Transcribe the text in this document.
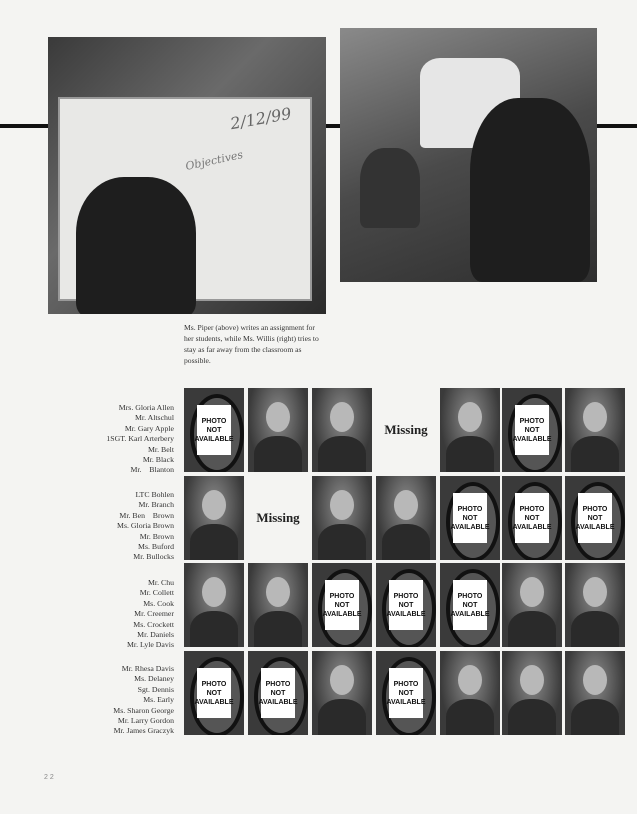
2/12/99
Objectives
Ms. Piper (above) writes an assignment for her students, while Ms. Willis (right) tries to stay as far away from the classroom as possible.
Mrs. Gloria Allen
Mr. Altschul
Mr. Gary Apple
1SGT. Karl Arterbery
Mr. Belt
Mr. Black
Mr.    Blanton
LTC Bohlen
Mr. Branch
Mr. Ben    Brown
Ms. Gloria Brown
Mr. Brown
Ms. Buford
Mr. Bullocks
Mr. Chu
Mr. Collett
Ms. Cook
Mr. Creemer
Ms. Crockett
Mr. Daniels
Mr. Lyle Davis
Mr. Rhesa Davis
Ms. Delaney
Sgt. Dennis
Ms. Early
Ms. Sharon George
Mr. Larry Gordon
Mr. James Graczyk
PHOTO
NOT
AVAILABLE
Missing
PHOTO
NOT
AVAILABLE
Missing
PHOTO
NOT
AVAILABLE
PHOTO
NOT
AVAILABLE
PHOTO
NOT
AVAILABLE
PHOTO
NOT
AVAILABLE
PHOTO
NOT
AVAILABLE
PHOTO
NOT
AVAILABLE
PHOTO
NOT
AVAILABLE
PHOTO
NOT
AVAILABLE
PHOTO
NOT
AVAILABLE
22
